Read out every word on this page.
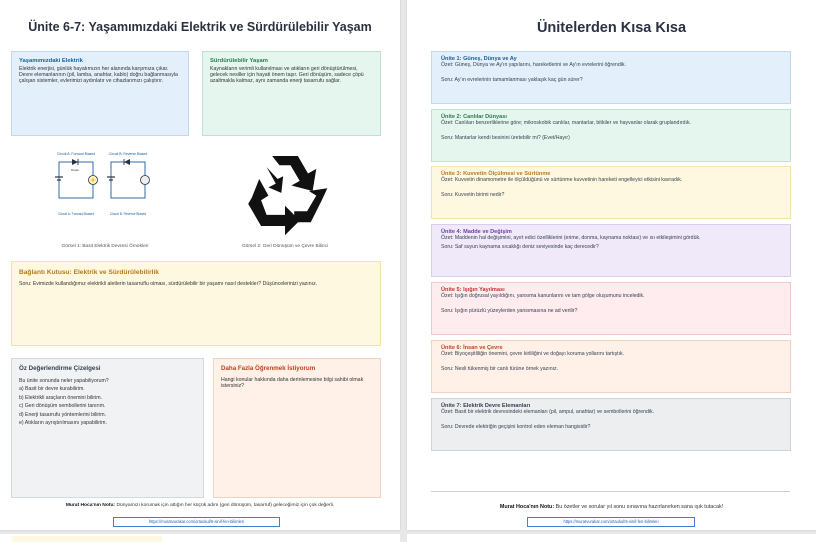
Ünite 6-7: Yaşamımızdaki Elektrik ve Sürdürülebilir Yaşam
Yaşamımızdaki Elektrik
Elektrik enerjisi, günlük hayatımızın her alanında karşımıza çıkar. Devre elemanlarının (pil, lamba, anahtar, kablo) doğru bağlanmasıyla çalışan sistemler, evlerimizi aydınlatır ve cihazlarımızı çalıştırır.
Sürdürülebilir Yaşam
Kaynakların verimli kullanılması ve atıkların geri dönüştürülmesi, gelecek nesiller için hayati önem taşır. Geri dönüşüm, sadece çöpü azaltmakla kalmaz, aynı zamanda enerji tasarrufu sağlar.
Circuit A: Forward Biased	Circuit B: Reverse Biased
Diode
Circuit A: Forward Biased	Circuit B: Reverse Biased
Görsel 1: Basit Elektrik Devresi Örnekleri	Görsel 2: Geri Dönüşüm ve Çevre Bilinci
Bağlantı Kutusu: Elektrik ve Sürdürülebilirlik
Soru: Evimizde kullandığımız elektrikli aletlerin tasarruflu olması, sürdürülebilir bir yaşamı nasıl destekler? Düşüncelerinizi yazınız.
Öz Değerlendirme Çizelgesi
Bu ünite sonunda neler yapabiliyorum?
a) Basit bir devre kurabilirim.
b) Elektrikli araçların önemini bilirim.
c) Geri dönüşüm sembollerini tanırım.
d) Enerji tasarrufu yöntemlerini bilirim.
e) Atıkların ayrıştırılmasını yapabilirim.
Daha Fazla Öğrenmek İstiyorum
Hangi konular hakkında daha derinlemesine bilgi sahibi olmak istersiniz?
Murat Hoca'nın Notu: Dünyamızı korumak için attığın her küçük adım (geri dönüşüm, tasarruf) geleceğimiz için çok değerli.
https://muratvurakar.com/ortaokul/5-sinif-fen-bilimleri
Ünitelerden Kısa Kısa
Ünite 1: Güneş, Dünya ve Ay
Özet: Güneş, Dünya ve Ay'ın yapılarını, hareketlerini ve Ay'ın evrelerini öğrendik.
Soru: Ay'ın evrelerinin tamamlanması yaklaşık kaç gün sürer?
Ünite 2: Canlılar Dünyası
Özet: Canlıları benzerliklerine göre; mikroskobik canlılar, mantarlar, bitkiler ve hayvanlar olarak gruplandırdık.
Soru: Mantarlar kendi besinini üretebilir mi? (Evet/Hayır)
Ünite 3: Kuvvetin Ölçülmesi ve Sürtünme
Özet: Kuvvetin dinamometre ile ölçüldüğünü ve sürtünme kuvvetinin hareketi engelleyici etkisini kavradık.
Soru: Kuvvetin birimi nedir?
Ünite 4: Madde ve Değişim
Özet: Maddenin hal değişimini, ayırt edici özelliklerini (erime, donma, kaynama noktası) ve ısı etkileşimini gördük.
Soru: Saf suyun kaynama sıcaklığı deniz seviyesinde kaç derecedir?
Ünite 5: Işığın Yayılması
Özet: Işığın doğrusal yayıldığını, yansıma kanunlarını ve tam gölge oluşumunu inceledik.
Soru: Işığın pürüzlü yüzeylerden yansımasına ne ad verilir?
Ünite 6: İnsan ve Çevre
Özet: Biyoçeşitliliğin önemini, çevre kirliliğini ve doğayı koruma yollarını tartıştık.
Soru: Nesli tükenmiş bir canlı türüne örnek yazınız.
Ünite 7: Elektrik Devre Elemanları
Özet: Basit bir elektrik devresindeki elemanları (pil, ampul, anahtar) ve sembollerini öğrendik.
Soru: Devrede elektriğin geçişini kontrol eden eleman hangisidir?
Murat Hoca'nın Notu: Bu özetler ve sorular yıl sonu sınavına hazırlanırken sana ışık tutacak!
https://muratvurakar.com/ortaokul/5-sinif-fen-bilimleri
